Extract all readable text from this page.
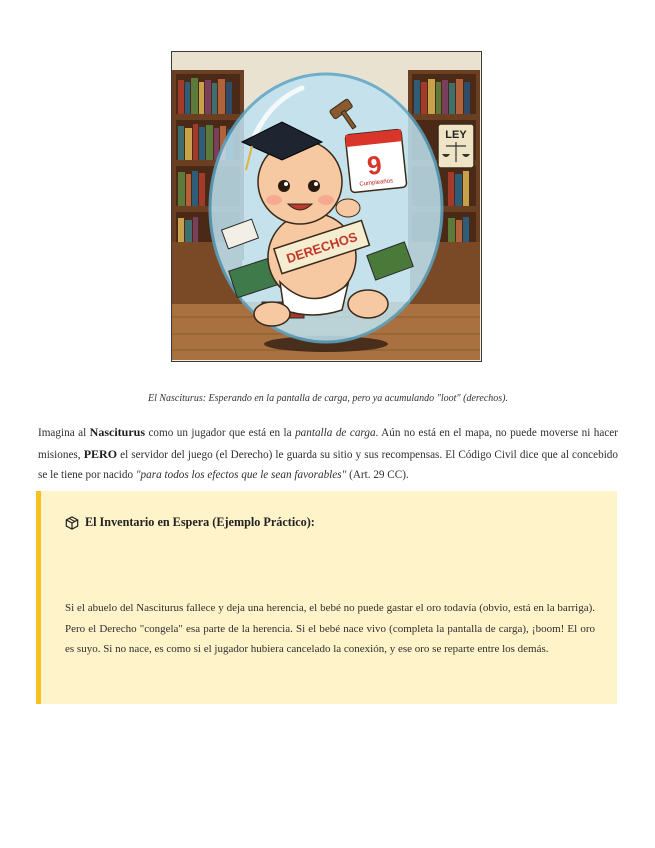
LEY
9
Cumpleaños
DERECHOS
El Nasciturus: Esperando en la pantalla de carga, pero ya acumulando "loot" (derechos).
Imagina al Nasciturus como un jugador que está en la pantalla de carga. Aún no está en el mapa, no puede moverse ni hacer misiones, PERO el servidor del juego (el Derecho) le guarda su sitio y sus recompensas. El Código Civil dice que al concebido se le tiene por nacido "para todos los efectos que le sean favorables" (Art. 29 CC).
El Inventario en Espera (Ejemplo Práctico):
Si el abuelo del Nasciturus fallece y deja una herencia, el bebé no puede gastar el oro todavía (obvio, está en la barriga). Pero el Derecho "congela" esa parte de la herencia. Si el bebé nace vivo (completa la pantalla de carga), ¡boom! El oro es suyo. Si no nace, es como si el jugador hubiera cancelado la conexión, y ese oro se reparte entre los demás.
